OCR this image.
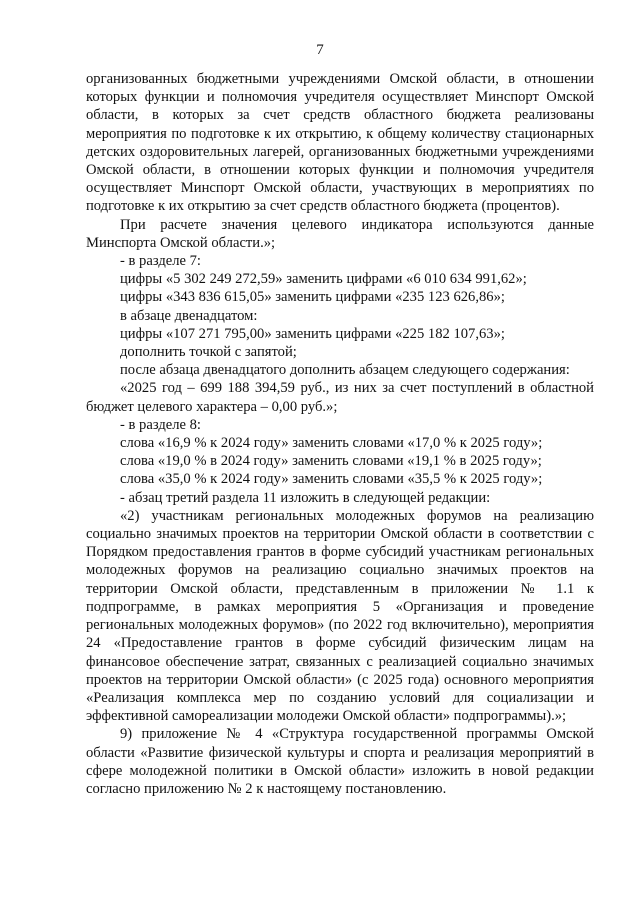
7

организованных бюджетными учреждениями Омской области, в отношении которых функции и полномочия учредителя осуществляет Минспорт Омской области, в которых за счет средств областного бюджета реализованы мероприятия по подготовке к их открытию, к общему количеству стационарных детских оздоровительных лагерей, организованных бюджетными учреждениями Омской области, в отношении которых функции и полномочия учредителя осуществляет Минспорт Омской области, участвующих в мероприятиях по подготовке к их открытию за счет средств областного бюджета (процентов).

При расчете значения целевого индикатора используются данные Минспорта Омской области.»;

- в разделе 7:

цифры «5 302 249 272,59» заменить цифрами «6 010 634 991,62»;

цифры «343 836 615,05» заменить цифрами «235 123 626,86»;

в абзаце двенадцатом:

цифры «107 271 795,00» заменить цифрами «225 182 107,63»;

дополнить точкой с запятой;

после абзаца двенадцатого дополнить абзацем следующего содержания:

«2025 год – 699 188 394,59 руб., из них за счет поступлений в областной бюджет целевого характера – 0,00 руб.»;

- в разделе 8:

слова «16,9 % к 2024 году» заменить словами «17,0 % к 2025 году»;

слова «19,0 % в 2024 году» заменить словами «19,1 % в 2025 году»;

слова «35,0 % к 2024 году» заменить словами «35,5 % к 2025 году»;

- абзац третий раздела 11 изложить в следующей редакции:

«2) участникам региональных молодежных форумов на реализацию социально значимых проектов на территории Омской области в соответствии с Порядком предоставления грантов в форме субсидий участникам региональных молодежных форумов на реализацию социально значимых проектов на территории Омской области, представленным в приложении № 1.1 к подпрограмме, в рамках мероприятия 5 «Организация и проведение региональных молодежных форумов» (по 2022 год включительно), мероприятия 24 «Предоставление грантов в форме субсидий физическим лицам на финансовое обеспечение затрат, связанных с реализацией социально значимых проектов на территории Омской области» (с 2025 года) основного мероприятия «Реализация комплекса мер по созданию условий для социализации и эффективной самореализации молодежи Омской области» подпрограммы).»;

9) приложение № 4 «Структура государственной программы Омской области «Развитие физической культуры и спорта и реализация мероприятий в сфере молодежной политики в Омской области» изложить в новой редакции согласно приложению № 2 к настоящему постановлению.
